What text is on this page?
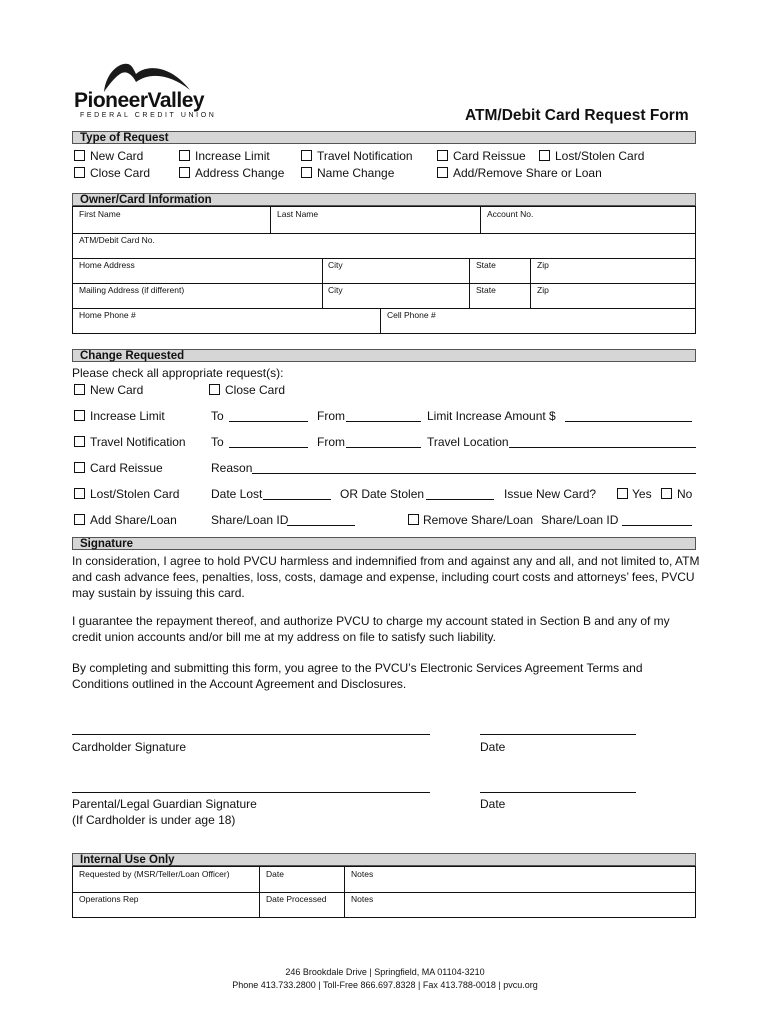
PioneerValley
FEDERAL CREDIT UNION	ATM/Debit Card Request Form
Type of Request
New Card	Increase Limit	Travel Notification	Card Reissue Lost/Stolen Card
Close Card	Address Change	Name Change	Add/Remove Share or Loan
Owner/Card Information
First Name	Last Name	Account No.
ATM/Debit Card No.
Home Address	City	State	Zip
Mailing Address (if different)	City	State	Zip
Home Phone #	Cell Phone #
Change Requested
Please check all appropriate request(s):
New Card	Close Card
Increase Limit	To	From	Limit Increase Amount $
Travel Notification To	From	Travel Location
Card Reissue	Reason
Lost/Stolen Card	Date Lost	OR Date Stolen	Issue New Card?	Yes No
Add Share/Loan	Share/Loan ID	Remove Share/Loan Share/Loan ID
Signature
In consideration, I agree to hold PVCU harmless and indemnified from and against any and all, and not limited to, ATM and cash advance fees, penalties, loss, costs, damage and expense, including court costs and attorneys’ fees, PVCU may sustain by issuing this card.
I guarantee the repayment thereof, and authorize PVCU to charge my account stated in Section B and any of my credit union accounts and/or bill me at my address on file to satisfy such liability.
By completing and submitting this form, you agree to the PVCU’s Electronic Services Agreement Terms and Conditions outlined in the Account Agreement and Disclosures.
Cardholder Signature	Date
Parental/Legal Guardian Signature
(If Cardholder is under age 18)
Date
Internal Use Only
Requested by (MSR/Teller/Loan Officer)	Date	Notes
Operations Rep	Date Processed	Notes
246 Brookdale Drive | Springfield, MA 01104-3210
Phone 413.733.2800 | Toll-Free 866.697.8328 | Fax 413.788-0018 | pvcu.org
